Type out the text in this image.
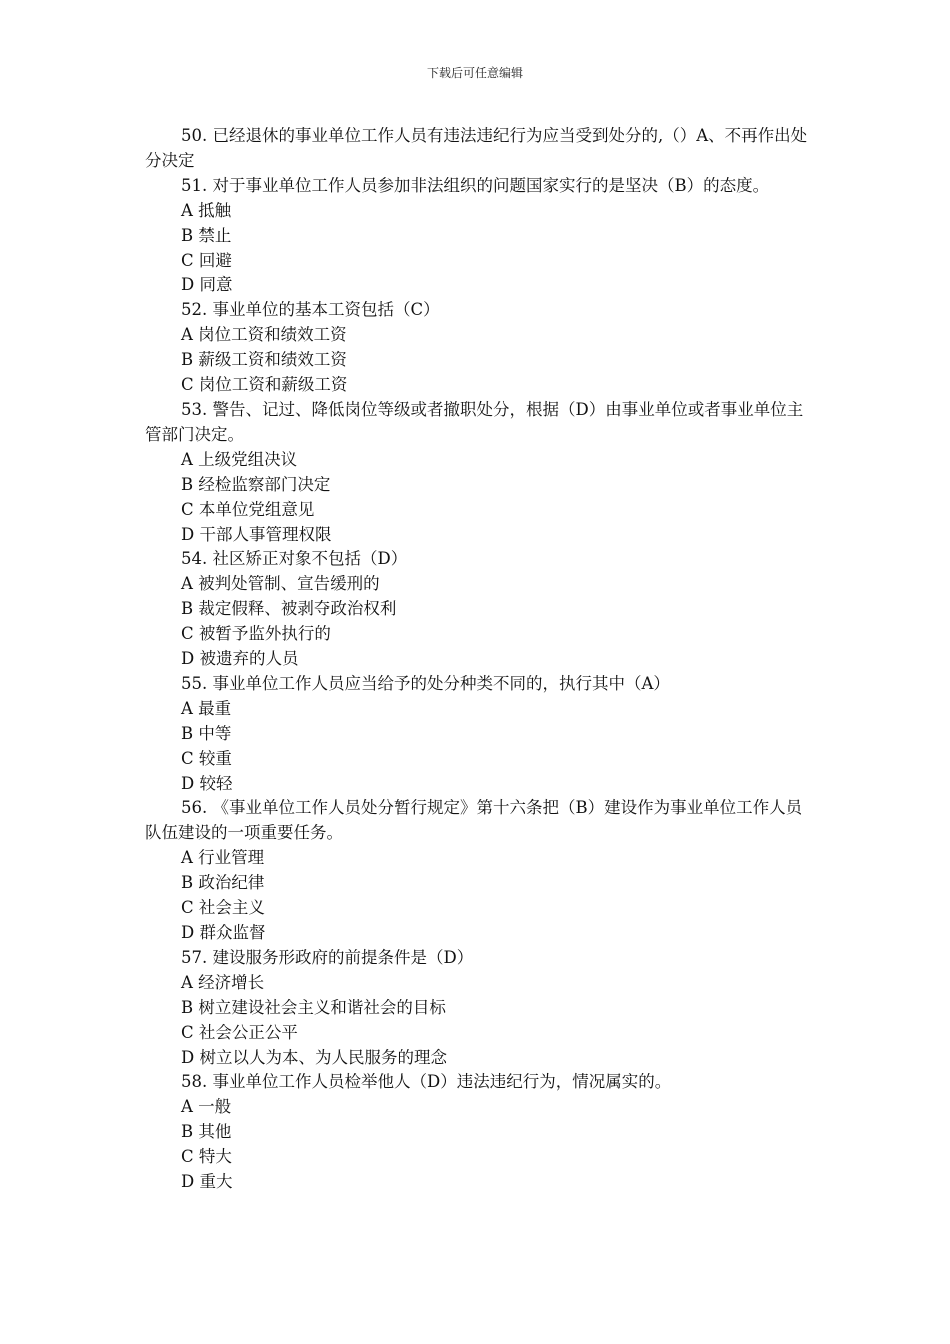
下载后可任意编辑

50. 已经退休的事业单位工作人员有违法违纪行为应当受到处分的,（）A、不再作出处分决定

51. 对于事业单位工作人员参加非法组织的问题国家实行的是坚决（B）的态度。

A 抵触

B 禁止

C 回避

D 同意

52. 事业单位的基本工资包括（C）

A 岗位工资和绩效工资

B 薪级工资和绩效工资

C 岗位工资和薪级工资

53. 警告、记过、降低岗位等级或者撤职处分，根据（D）由事业单位或者事业单位主管部门决定。

A 上级党组决议

B 经检监察部门决定

C 本单位党组意见

D 干部人事管理权限

54. 社区矫正对象不包括（D）

A 被判处管制、宣告缓刑的

B 裁定假释、被剥夺政治权利

C 被暂予监外执行的

D 被遗弃的人员

55. 事业单位工作人员应当给予的处分种类不同的，执行其中（A）

A 最重

B 中等

C 较重

D 较轻

56. 《事业单位工作人员处分暂行规定》第十六条把（B）建设作为事业单位工作人员队伍建设的一项重要任务。

A 行业管理

B 政治纪律

C 社会主义

D 群众监督

57. 建设服务形政府的前提条件是（D）

A 经济增长

B 树立建设社会主义和谐社会的目标

C 社会公正公平

D 树立以人为本、为人民服务的理念

58. 事业单位工作人员检举他人（D）违法违纪行为，情况属实的。

A 一般

B 其他

C 特大

D 重大
